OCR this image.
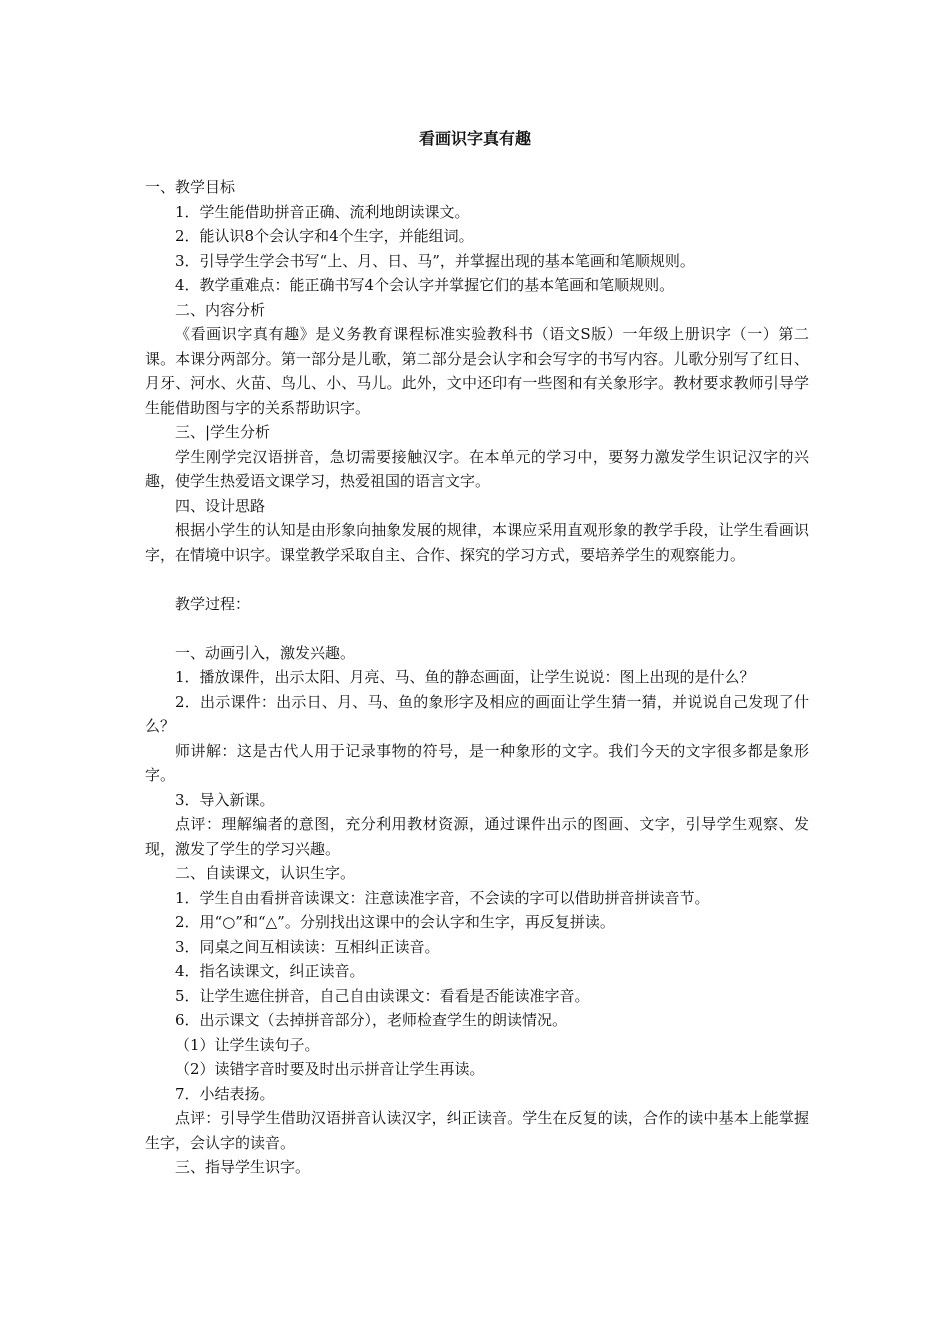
看画识字真有趣

一、教学目标

1．学生能借助拼音正确、流利地朗读课文。

2．能认识8个会认字和4个生字，并能组词。

3．引导学生学会书写“上、月、日、马”，并掌握出现的基本笔画和笔顺规则。

4．教学重难点：能正确书写4个会认字并掌握它们的基本笔画和笔顺规则。

二、内容分析

《看画识字真有趣》是义务教育课程标准实验教科书（语文S版）一年级上册识字（一）第二课。本课分两部分。第一部分是儿歌，第二部分是会认字和会写字的书写内容。儿歌分别写了红日、月牙、河水、火苗、鸟儿、小、马儿。此外，文中还印有一些图和有关象形字。教材要求教师引导学生能借助图与字的关系帮助识字。

三、|学生分析

学生刚学完汉语拼音，急切需要接触汉字。在本单元的学习中，要努力激发学生识记汉字的兴趣，使学生热爱语文课学习，热爱祖国的语言文字。

四、设计思路

根据小学生的认知是由形象向抽象发展的规律，本课应采用直观形象的教学手段，让学生看画识字，在情境中识字。课堂教学采取自主、合作、探究的学习方式，要培养学生的观察能力。

教学过程：

一、动画引入，激发兴趣。

1．播放课件，出示太阳、月亮、马、鱼的静态画面，让学生说说：图上出现的是什么？

2．出示课件：出示日、月、马、鱼的象形字及相应的画面让学生猜一猜，并说说自己发现了什么？

师讲解：这是古代人用于记录事物的符号，是一种象形的文字。我们今天的文字很多都是象形字。

3．导入新课。

点评：理解编者的意图，充分利用教材资源，通过课件出示的图画、文字，引导学生观察、发现，激发了学生的学习兴趣。

二、自读课文，认识生字。

1．学生自由看拼音读课文：注意读准字音，不会读的字可以借助拼音拼读音节。

2．用“○”和“△”。分别找出这课中的会认字和生字，再反复拼读。

3．同桌之间互相读读：互相纠正读音。

4．指名读课文，纠正读音。

5．让学生遮住拼音，自己自由读课文：看看是否能读准字音。

6．出示课文（去掉拼音部分），老师检查学生的朗读情况。

（1）让学生读句子。

（2）读错字音时要及时出示拼音让学生再读。

7．小结表扬。

点评：引导学生借助汉语拼音认读汉字，纠正读音。学生在反复的读，合作的读中基本上能掌握生字，会认字的读音。

三、指导学生识字。
